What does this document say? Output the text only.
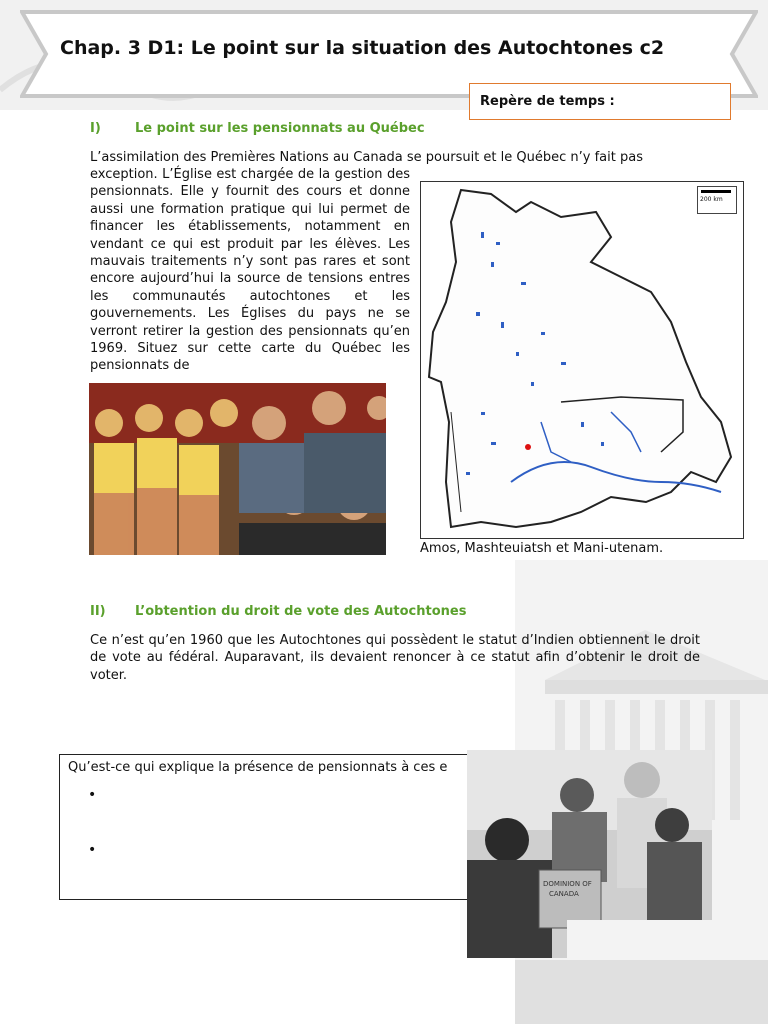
Chap. 3 D1: Le point sur la situation des Autochtones c2
Repère de temps :
I)	Le point sur les pensionnats au Québec

L’assimilation des Premières Nations au Canada se poursuit et le Québec n’y fait pas

exception. L’Église est chargée de la gestion des pensionnats. Elle y fournit des cours et donne aussi une formation pratique qui lui permet de financer les établissements, notamment en vendant ce qui est produit par les élèves. Les mauvais traitements n’y sont pas rares et sont encore aujourd’hui la source de tensions entres les communautés autochtones et les gouvernements. Les Églises du pays ne se verront retirer la gestion des pensionnats qu’en 1969. Situez sur cette carte du Québec les pensionnats de

200 km
Amos, Mashteuiatsh et Mani-utenam.
II) L’obtention du droit de vote des Autochtones

Ce n’est qu’en 1960 que les Autochtones qui possèdent le statut d’Indien obtiennent le droit de vote au fédéral. Auparavant, ils devaient renoncer à ce statut afin d’obtenir le droit de voter.

Qu’est-ce qui explique la présence de pensionnats à ces e
•
•
DOMINION OF
CANADA
